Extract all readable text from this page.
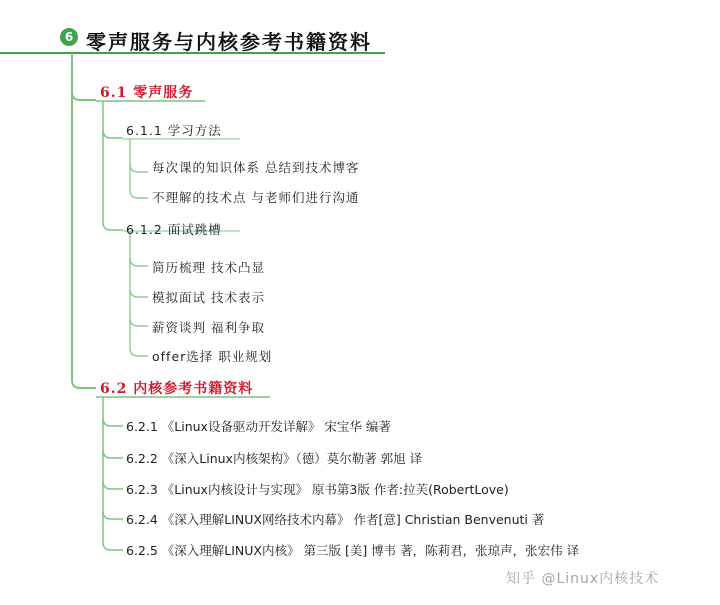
6 零声服务与内核参考书籍资料
6.1 零声服务
6.1.1 学习方法
每次课的知识体系 总结到技术博客
不理解的技术点 与老师们进行沟通
6.1.2 面试跳槽
简历梳理 技术凸显
模拟面试 技术表示
薪资谈判 福利争取
offer选择 职业规划
6.2 内核参考书籍资料
6.2.1 《Linux设备驱动开发详解》 宋宝华 编著
6.2.2 《深入Linux内核架构》（德）莫尔勒著 郭旭 译
6.2.3 《Linux内核设计与实现》 原书第3版 作者:拉芙(RobertLove)
6.2.4 《深入理解LINUX网络技术内幕》 作者[意] Christian Benvenuti 著
6.2.5 《深入理解LINUX内核》 第三版 [美] 博韦 著，陈莉君，张琼声，张宏伟 译
知乎 @Linux内核技术
